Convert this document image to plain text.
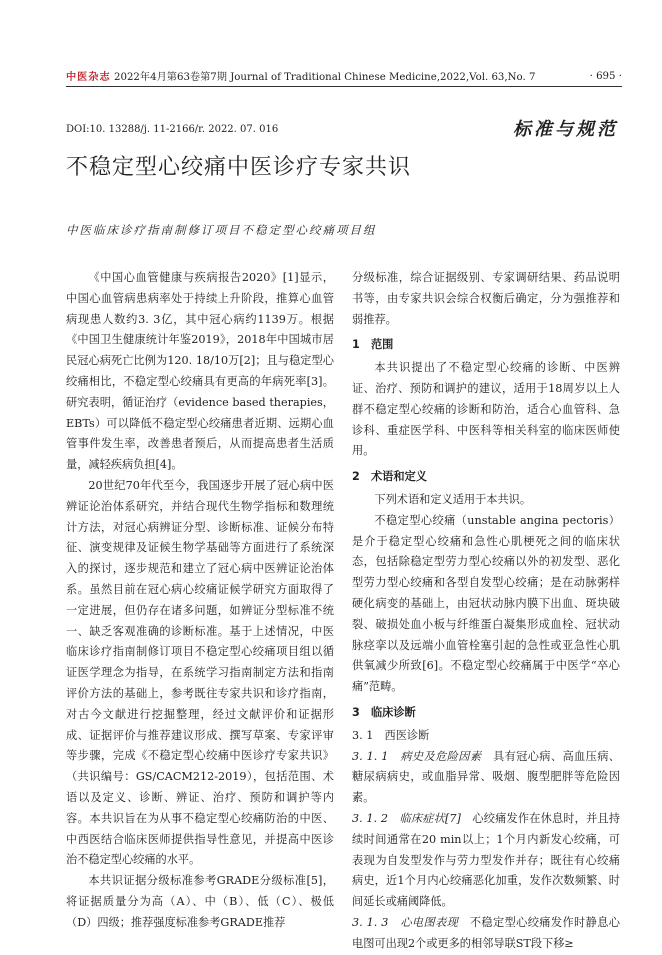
中医杂志 2022年4月第63卷第7期 Journal of Traditional Chinese Medicine,2022,Vol. 63,No. 7	· 695 ·
DOI:10. 13288/j. 11-2166/r. 2022. 07. 016	标准与规范
不稳定型心绞痛中医诊疗专家共识
中医临床诊疗指南制修订项目不稳定型心绞痛项目组

《中国心血管健康与疾病报告2020》[1]显示，中国心血管病患病率处于持续上升阶段，推算心血管病现患人数约3. 3亿，其中冠心病约1139万。根据《中国卫生健康统计年鉴2019》，2018年中国城市居民冠心病死亡比例为120. 18/10万[2]；且与稳定型心绞痛相比，不稳定型心绞痛具有更高的年病死率[3]。研究表明，循证治疗（evidence based therapies，EBTs）可以降低不稳定型心绞痛患者近期、远期心血管事件发生率，改善患者预后，从而提高患者生活质量，减轻疾病负担[4]。

20世纪70年代至今，我国逐步开展了冠心病中医辨证论治体系研究，并结合现代生物学指标和数理统计方法，对冠心病辨证分型、诊断标准、证候分布特征、演变规律及证候生物学基础等方面进行了系统深入的探讨，逐步规范和建立了冠心病中医辨证论治体系。虽然目前在冠心病心绞痛证候学研究方面取得了一定进展，但仍存在诸多问题，如辨证分型标准不统一、缺乏客观准确的诊断标准。基于上述情况，中医临床诊疗指南制修订项目不稳定型心绞痛项目组以循证医学理念为指导，在系统学习指南制定方法和指南评价方法的基础上，参考既往专家共识和诊疗指南，对古今文献进行挖掘整理，经过文献评价和证据形成、证据评价与推荐建议形成、撰写草案、专家评审等步骤，完成《不稳定型心绞痛中医诊疗专家共识》（共识编号：GS/CACM212-2019），包括范围、术语以及定义、诊断、辨证、治疗、预防和调护等内容。本共识旨在为从事不稳定型心绞痛防治的中医、中西医结合临床医师提供指导性意见，并提高中医诊治不稳定型心绞痛的水平。

本共识证据分级标准参考GRADE分级标准[5]，将证据质量分为高（A）、中（B）、低（C）、极低（D）四级；推荐强度标准参考GRADE推荐

分级标准，综合证据级别、专家调研结果、药品说明书等，由专家共识会综合权衡后确定，分为强推荐和弱推荐。

1　范围

本共识提出了不稳定型心绞痛的诊断、中医辨证、治疗、预防和调护的建议，适用于18周岁以上人群不稳定型心绞痛的诊断和防治，适合心血管科、急诊科、重症医学科、中医科等相关科室的临床医师使用。

2　术语和定义

下列术语和定义适用于本共识。

不稳定型心绞痛（unstable angina pectoris）是介于稳定型心绞痛和急性心肌梗死之间的临床状态，包括除稳定型劳力型心绞痛以外的初发型、恶化型劳力型心绞痛和各型自发型心绞痛；是在动脉粥样硬化病变的基础上，由冠状动脉内膜下出血、斑块破裂、破损处血小板与纤维蛋白凝集形成血栓、冠状动脉痉挛以及远端小血管栓塞引起的急性或亚急性心肌供氧减少所致[6]。不稳定型心绞痛属于中医学“卒心痛”范畴。

3　临床诊断
3. 1　西医诊断

3. 1. 1　病史及危险因素　具有冠心病、高血压病、糖尿病病史，或血脂异常、吸烟、腹型肥胖等危险因素。

3. 1. 2　临床症状[7]　心绞痛发作在休息时，并且持续时间通常在20 min以上；1个月内新发心绞痛，可表现为自发型发作与劳力型发作并存；既往有心绞痛病史，近1个月内心绞痛恶化加重，发作次数频繁、时间延长或痛阈降低。

3. 1. 3　心电图表现　不稳定型心绞痛发作时静息心电图可出现2个或更多的相邻导联ST段下移≥
